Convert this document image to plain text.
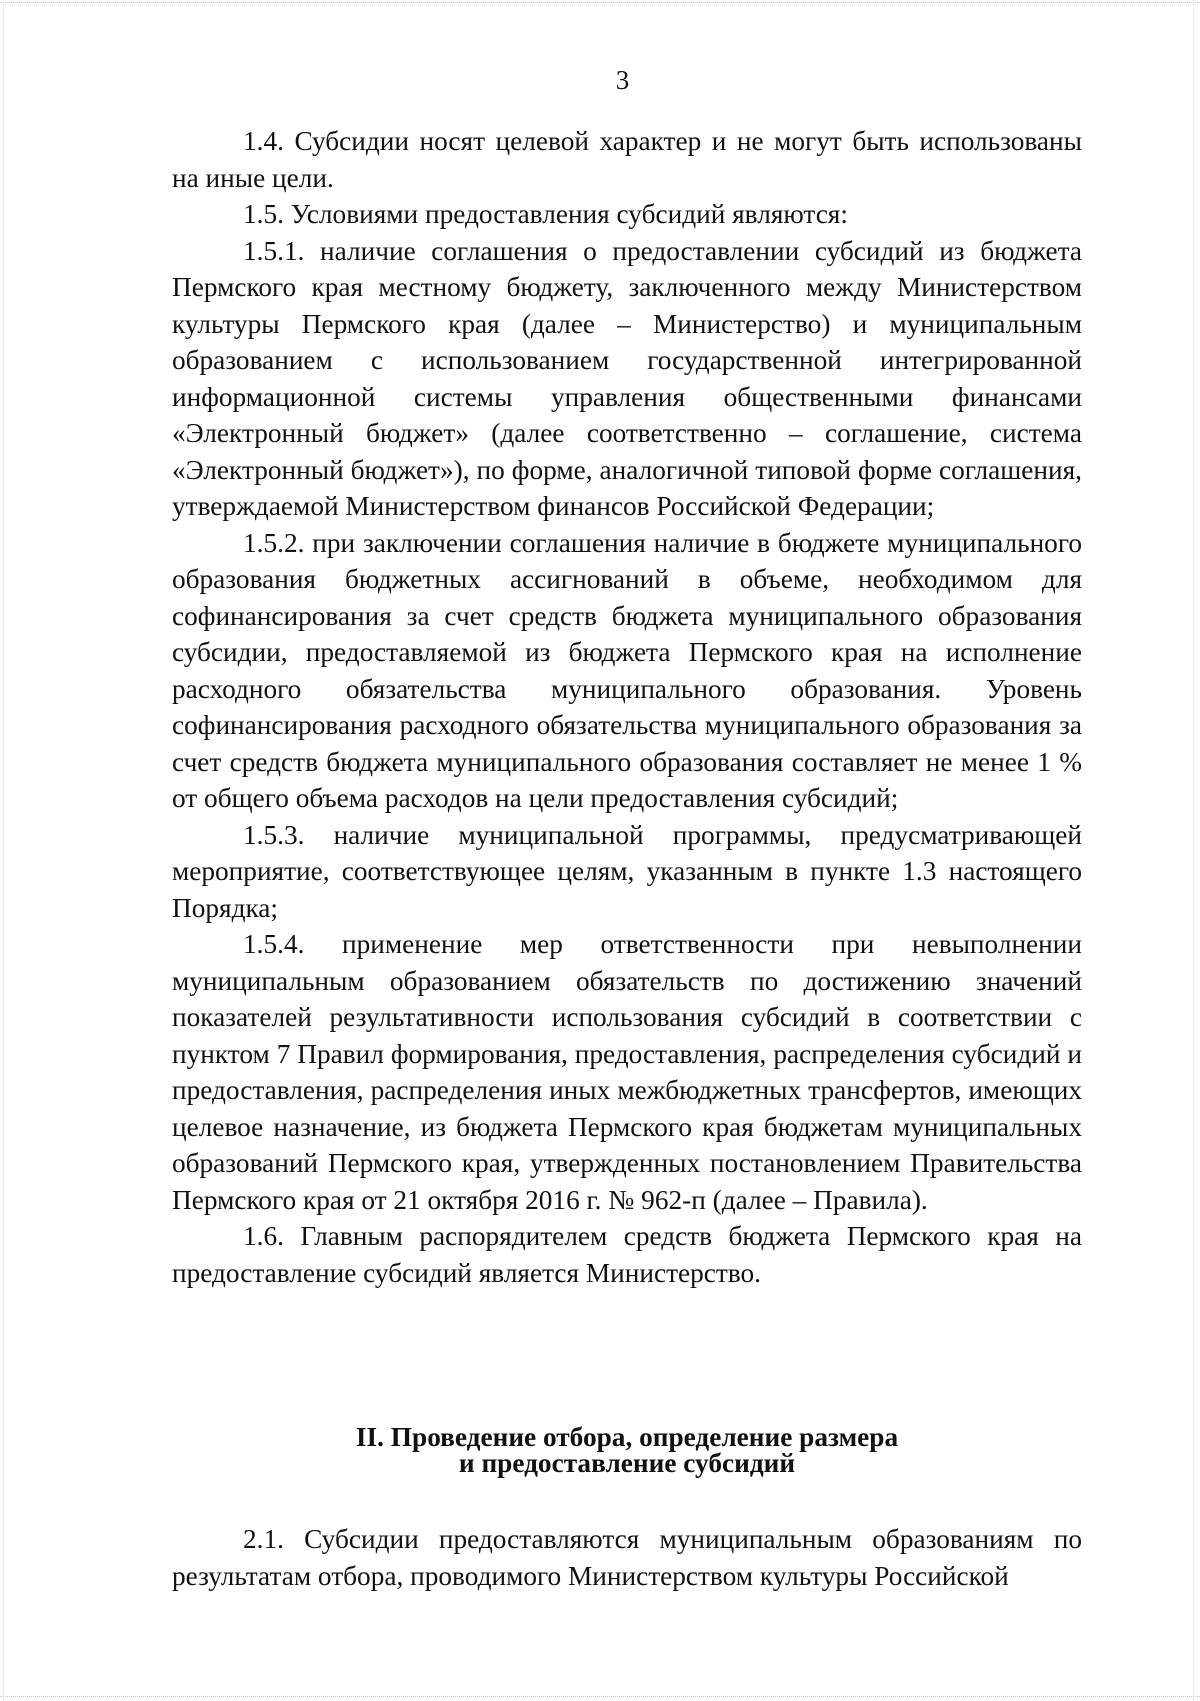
3

1.4. Субсидии носят целевой характер и не могут быть использованы на иные цели.

1.5. Условиями предоставления субсидий являются:

1.5.1. наличие соглашения о предоставлении субсидий из бюджета Пермского края местному бюджету, заключенного между Министерством культуры Пермского края (далее – Министерство) и муниципальным образованием с использованием государственной интегрированной информационной системы управления общественными финансами «Электронный бюджет» (далее соответственно – соглашение, система «Электронный бюджет»), по форме, аналогичной типовой форме соглашения, утверждаемой Министерством финансов Российской Федерации;

1.5.2. при заключении соглашения наличие в бюджете муниципального образования бюджетных ассигнований в объеме, необходимом для софинансирования за счет средств бюджета муниципального образования субсидии, предоставляемой из бюджета Пермского края на исполнение расходного обязательства муниципального образования. Уровень софинансирования расходного обязательства муниципального образования за счет средств бюджета муниципального образования составляет не менее 1 % от общего объема расходов на цели предоставления субсидий;

1.5.3. наличие муниципальной программы, предусматривающей мероприятие, соответствующее целям, указанным в пункте 1.3 настоящего Порядка;

1.5.4. применение мер ответственности при невыполнении муниципальным образованием обязательств по достижению значений показателей результативности использования субсидий в соответствии с пунктом 7 Правил формирования, предоставления, распределения субсидий и предоставления, распределения иных межбюджетных трансфертов, имеющих целевое назначение, из бюджета Пермского края бюджетам муниципальных образований Пермского края, утвержденных постановлением Правительства Пермского края от 21 октября 2016 г. № 962-п (далее – Правила).

1.6. Главным распорядителем средств бюджета Пермского края на предоставление субсидий является Министерство.

II. Проведение отбора, определение размера
и предоставление субсидий

2.1. Субсидии предоставляются муниципальным образованиям по результатам отбора, проводимого Министерством культуры Российской
